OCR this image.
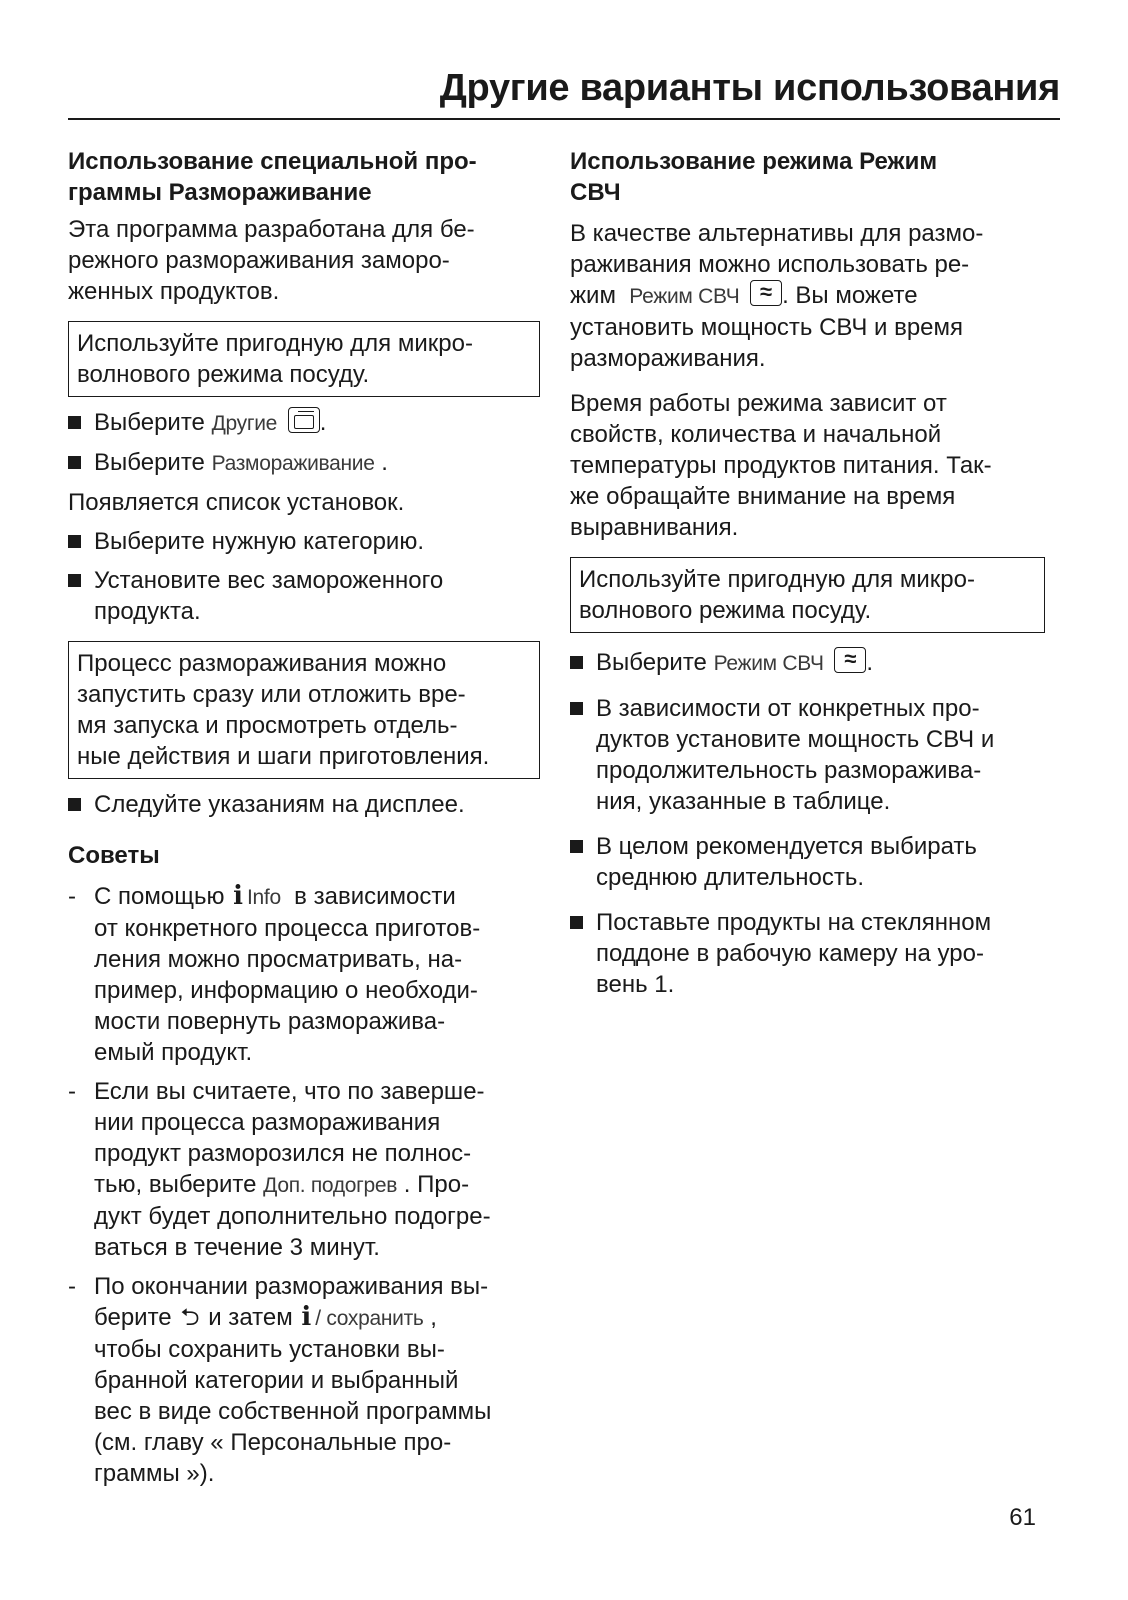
Другие варианты использования
Использование специальной про-
граммы Размораживание

Эта программа разработана для бе-
режного размораживания заморо-
женных продуктов.

Используйте пригодную для микро-
волнового режима посуду.
Выберите Другие .
Выберите Размораживание .

Появляется список установок.

Выберите нужную категорию.
Установите вес замороженного
продукта.
Процесс размораживания можно
запустить сразу или отложить вре-
мя запуска и просмотреть отдель-
ные действия и шаги приготовления.
Следуйте указаниям на дисплее.
Советы
- С помощью i Info  в зависимости
от конкретного процесса приготов-
ления можно просматривать, на-
пример, информацию о необходи-
мости повернуть разморажива-
емый продукт.
- Если вы считаете, что по заверше-
нии процесса размораживания
продукт разморозился не полнос-
тью, выберите Доп. подогрев . Про-
дукт будет дополнительно подогре-
ваться в течение 3 минут.
- По окончании размораживания вы-
берите ⮌ и затем i / сохранить ,
чтобы сохранить установки вы-
бранной категории и выбранный
вес в виде собственной программы
(см. главу « Персональные про-
граммы »).
Использование режима Режим
СВЧ

В качестве альтернативы для размо-
раживания можно использовать ре-
жим  Режим СВЧ ≈ . Вы можете
установить мощность СВЧ и время
размораживания.

Время работы режима зависит от
свойств, количества и начальной
температуры продуктов питания. Так-
же обращайте внимание на время
выравнивания.

Используйте пригодную для микро-
волнового режима посуду.
Выберите Режим СВЧ ≈ .
В зависимости от конкретных про-
дуктов установите мощность СВЧ и
продолжительность разморажива-
ния, указанные в таблице.
В целом рекомендуется выбирать
среднюю длительность.
Поставьте продукты на стеклянном
поддоне в рабочую камеру на уро-
вень 1.
61
